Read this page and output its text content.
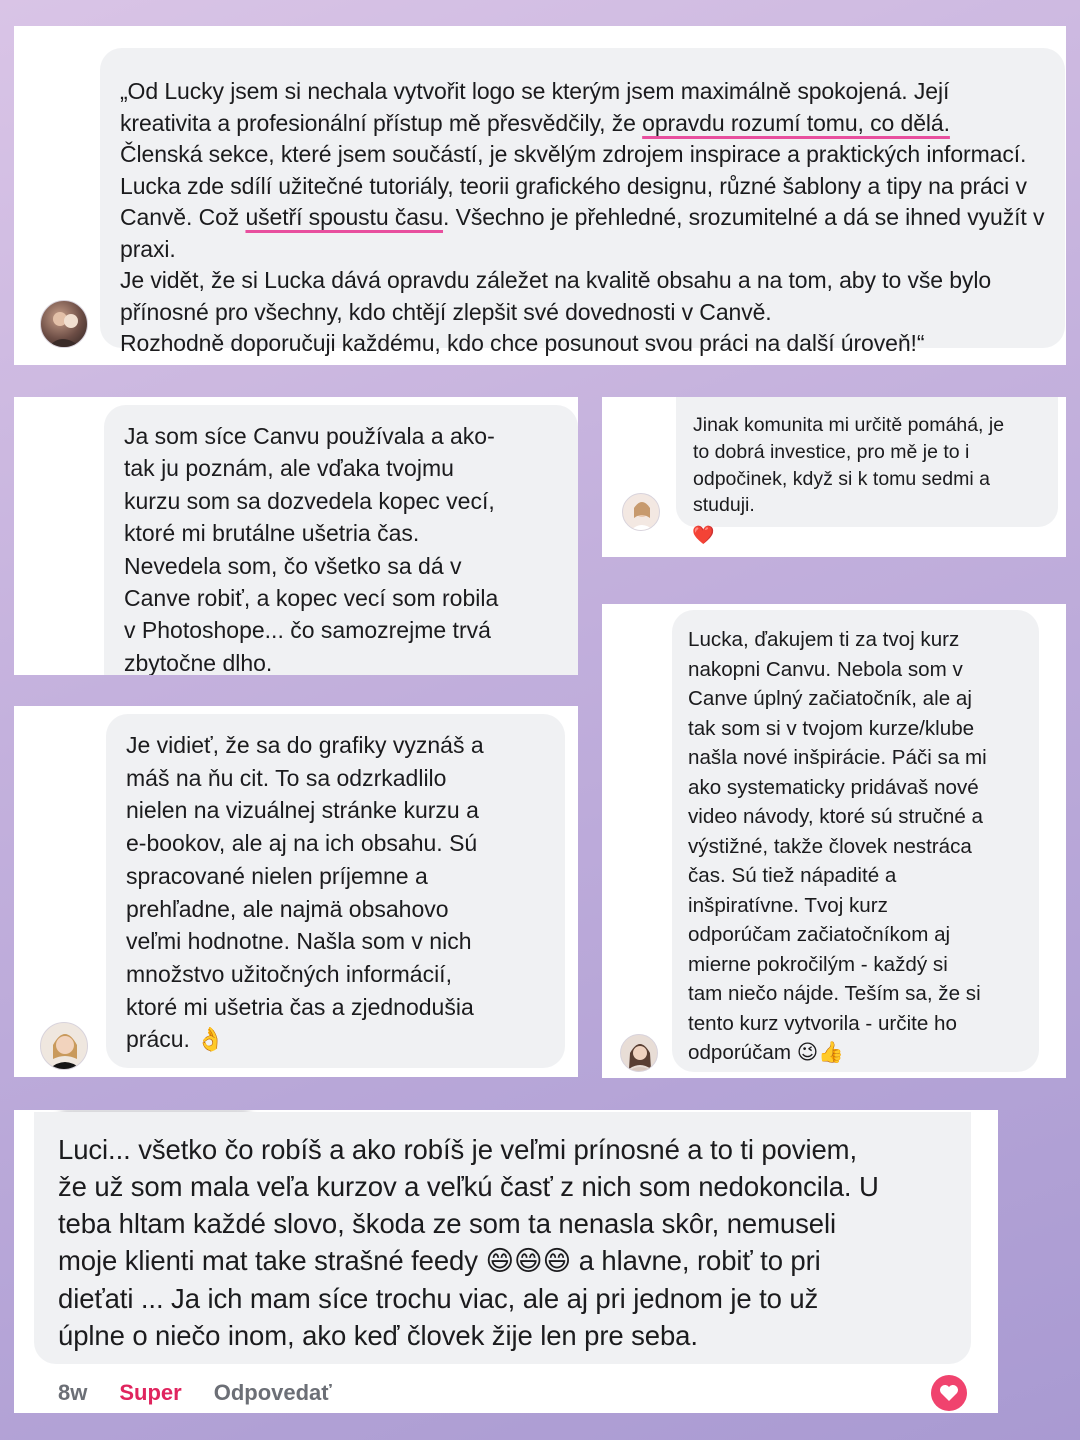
„Od Lucky jsem si nechala vytvořit logo se kterým jsem maximálně spokojená. Její kreativita a profesionální přístup mě přesvědčily, že opravdu rozumí tomu, co dělá.
Členská sekce, které jsem součástí, je skvělým zdrojem inspirace a praktických informací. Lucka zde sdílí užitečné tutoriály, teorii grafického designu, různé šablony a tipy na práci v Canvě. Což ušetří spoustu času. Všechno je přehledné, srozumitelné a dá se ihned využít v praxi.
Je vidět, že si Lucka dává opravdu záležet na kvalitě obsahu a na tom, aby to vše bylo přínosné pro všechny, kdo chtějí zlepšit své dovednosti v Canvě.
Rozhodně doporučuji každému, kdo chce posunout svou práci na další úroveň!“

Ja som síce Canvu používala a ako-
tak ju poznám, ale vďaka tvojmu
kurzu som sa dozvedela kopec vecí,
ktoré mi brutálne ušetria čas.
Nevedela som, čo všetko sa dá v
Canve robiť, a kopec vecí som robila
v Photoshope... čo samozrejme trvá
zbytočne dlho.

Jinak komunita mi určitě pomáhá, je
to dobrá investice, pro mě je to i
odpočinek, když si k tomu sedmi a
studuji.

❤️

Je vidieť, že sa do grafiky vyznáš a
máš na ňu cit. To sa odzrkadlilo
nielen na vizuálnej stránke kurzu a
e-bookov, ale aj na ich obsahu. Sú
spracované nielen príjemne a
prehľadne, ale najmä obsahovo
veľmi hodnotne. Našla som v nich
množstvo užitočných informácií,
ktoré mi ušetria čas a zjednodušia
prácu. 👌

Lucka, ďakujem ti za tvoj kurz
nakopni Canvu. Nebola som v
Canve úplný začiatočník, ale aj
tak som si v tvojom kurze/klube
našla nové inšpirácie. Páči sa mi
ako systematicky pridávaš nové
video návody, ktoré sú stručné a
výstižné, takže človek nestráca
čas. Sú tiež nápadité a
inšpiratívne. Tvoj kurz
odporúčam začiatočníkom aj
mierne pokročilým - každý si
tam niečo nájde. Teším sa, že si
tento kurz vytvorila - určite ho
odporúčam 😉👍

Luci... všetko čo robíš a ako robíš je veľmi prínosné a to ti poviem,
že už som mala veľa kurzov a veľkú časť z nich som nedokoncila. U
teba hltam každé slovo, škoda ze som ta nenasla skôr, nemuseli
moje klienti mat take strašné feedy 😄😄😄 a hlavne, robiť to pri
dieťati ... Ja ich mam síce trochu viac, ale aj pri jednom je to už
úplne o niečo inom, ako keď človek žije len pre seba.

8w Super Odpovedať
